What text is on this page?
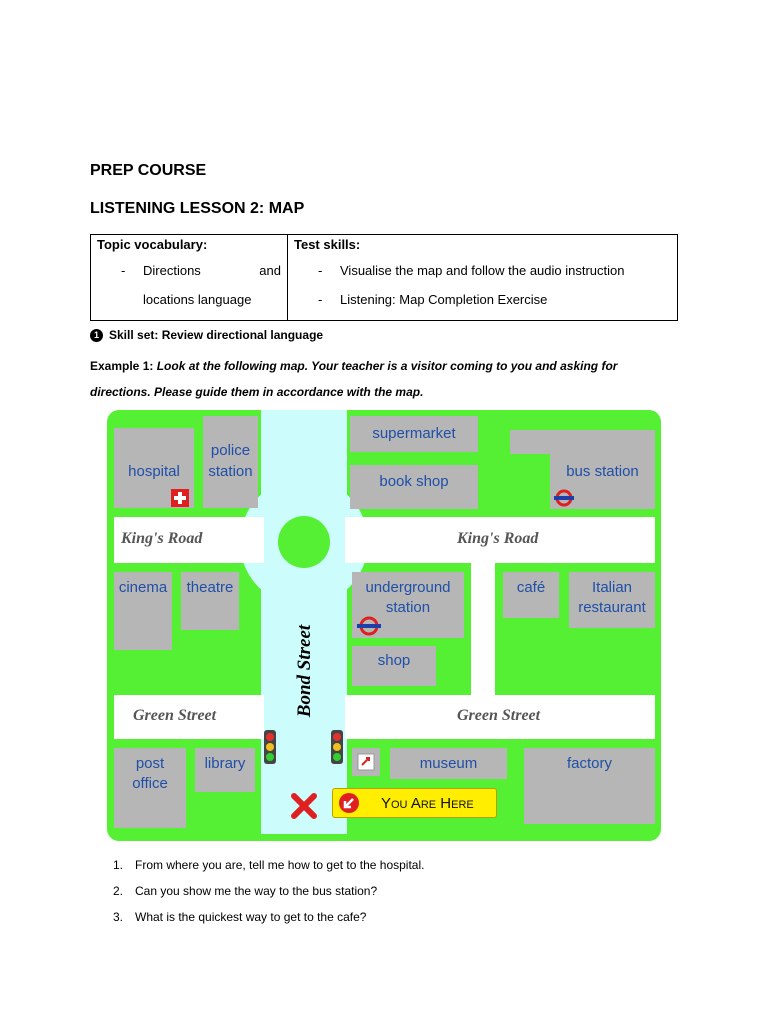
PREP COURSE
LISTENING LESSON 2: MAP
Topic vocabulary:
- Directions	and
locations language

Test skills:
- Visualise the map and follow the audio instruction
- Listening: Map Completion Exercise
1 Skill set: Review directional language
Example 1: Look at the following map. Your teacher is a visitor coming to you and asking for directions. Please guide them in accordance with the map.
hospital
police
station
supermarket
book shop
bus station
cinema	theatre	underground
station
shop
café	Italian
restaurant
post
office
library	museum	factory
King's Road	King's Road
Green Street	Green Street
Bond Street
You Are Here
1. From where you are, tell me how to get to the hospital.
2. Can you show me the way to the bus station?
3. What is the quickest way to get to the cafe?
